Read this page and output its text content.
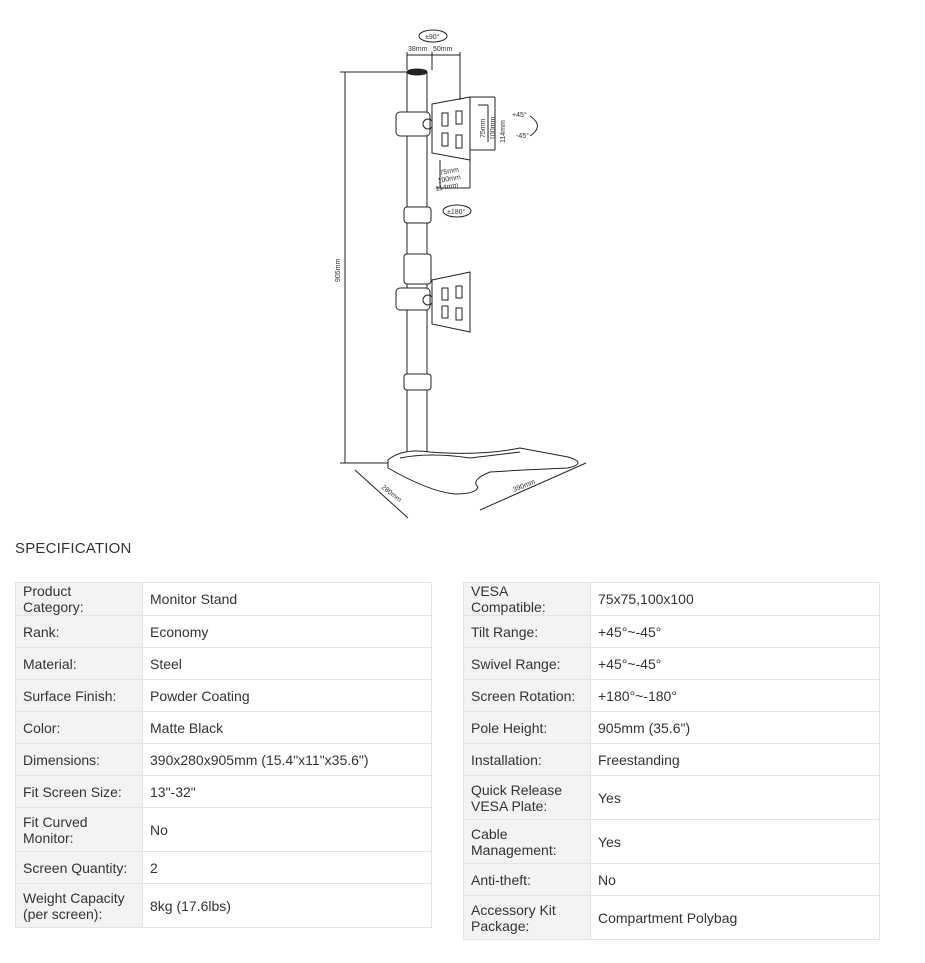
±90°
38mm 50mm
+45°
-45°
75mm 100mm 114mm
75mm
100mm
114mm
±180°
905mm
280mm	390mm
SPECIFICATION
Product Category:	Monitor Stand
Rank:	Economy
Material:	Steel
Surface Finish:	Powder Coating
Color:	Matte Black
Dimensions:	390x280x905mm (15.4"x11"x35.6")
Fit Screen Size:	13"-32"
Fit Curved Monitor:	No
Screen Quantity:	2
Weight Capacity (per screen):	8kg (17.6lbs)
VESA Compatible:	75x75,100x100
Tilt Range:	+45°~-45°
Swivel Range:	+45°~-45°
Screen Rotation:	+180°~-180°
Pole Height:	905mm (35.6")
Installation:	Freestanding
Quick Release VESA Plate:	Yes
Cable Management:	Yes
Anti-theft:	No
Accessory Kit Package:	Compartment Polybag
